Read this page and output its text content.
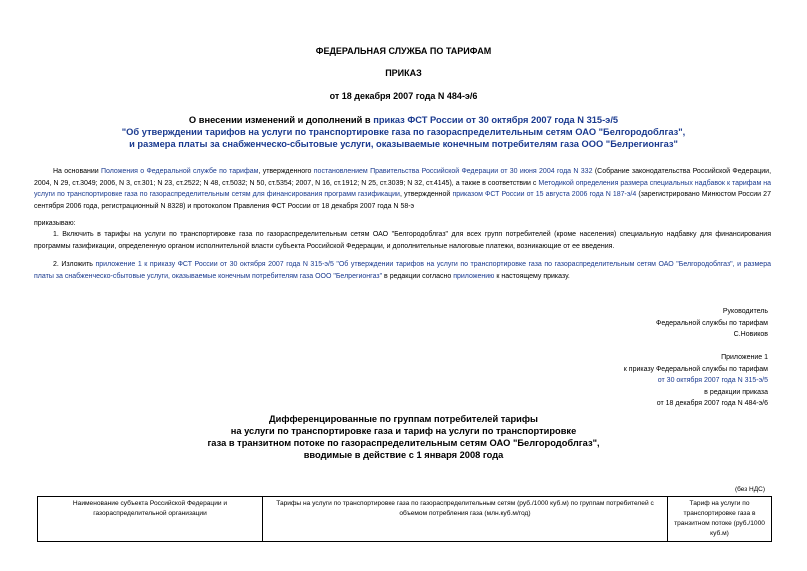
ФЕДЕРАЛЬНАЯ СЛУЖБА ПО ТАРИФАМ
ПРИКАЗ
от 18 декабря 2007 года N 484-э/6
О внесении изменений и дополнений в приказ ФСТ России от 30 октября 2007 года N 315-э/5
"Об утверждении тарифов на услуги по транспортировке газа по газораспределительным сетям ОАО "Белгородоблгаз",
и размера платы за снабженческо-сбытовые услуги, оказываемые конечным потребителям газа ООО "Белрегионгаз"
На основании Положения о Федеральной службе по тарифам, утвержденного постановлением Правительства Российской Федерации от 30 июня 2004 года N 332 (Собрание законодательства Российской Федерации, 2004, N 29, ст.3049; 2006, N 3, ст.301; N 23, ст.2522; N 48, ст.5032; N 50, ст.5354; 2007, N 16, ст.1912; N 25, ст.3039; N 32, ст.4145), а также в соответствии с Методикой определения размера специальных надбавок к тарифам на услуги по транспортировке газа по газораспределительным сетям для финансирования программ газификации, утвержденной приказом ФСТ России от 15 августа 2006 года N 187-э/4 (зарегистрировано Минюстом России 27 сентября 2006 года, регистрационный N 8328) и протоколом Правления ФСТ России от 18 декабря 2007 года N 58-э
приказываю:
1. Включить в тарифы на услуги по транспортировке газа по газораспределительным сетям ОАО "Белгородоблгаз" для всех групп потребителей (кроме населения) специальную надбавку для финансирования программы газификации, определенную органом исполнительной власти субъекта Российской Федерации, и дополнительные налоговые платежи, возникающие от ее введения.
2. Изложить приложение 1 к приказу ФСТ России от 30 октября 2007 года N 315-э/5 "Об утверждении тарифов на услуги по транспортировке газа по газораспределительным сетям ОАО "Белгородоблгаз", и размера платы за снабженческо-сбытовые услуги, оказываемые конечным потребителям газа ООО "Белрегионгаз" в редакции согласно приложению к настоящему приказу.
Руководитель
Федеральной службы по тарифам
С.Новиков
Приложение 1
к приказу Федеральной службы по тарифам
от 30 октября 2007 года N 315-э/5
в редакции приказа
от 18 декабря 2007 года N 484-э/6
Дифференцированные по группам потребителей тарифы
на услуги по транспортировке газа и тариф на услуги по транспортировке
газа в транзитном потоке по газораспределительным сетям ОАО "Белгородоблгаз",
вводимые в действие с 1 января 2008 года
(без НДС)
Наименование субъекта Российской Федерации и газораспределительной организации	Тарифы на услуги по транспортировке газа по газораспределительным сетям (руб./1000 куб.м) по группам потребителей с объемом потребления газа (млн.куб.м/год)	Тариф на услуги по транспортировке газа в транзитном потоке (руб./1000 куб.м)
